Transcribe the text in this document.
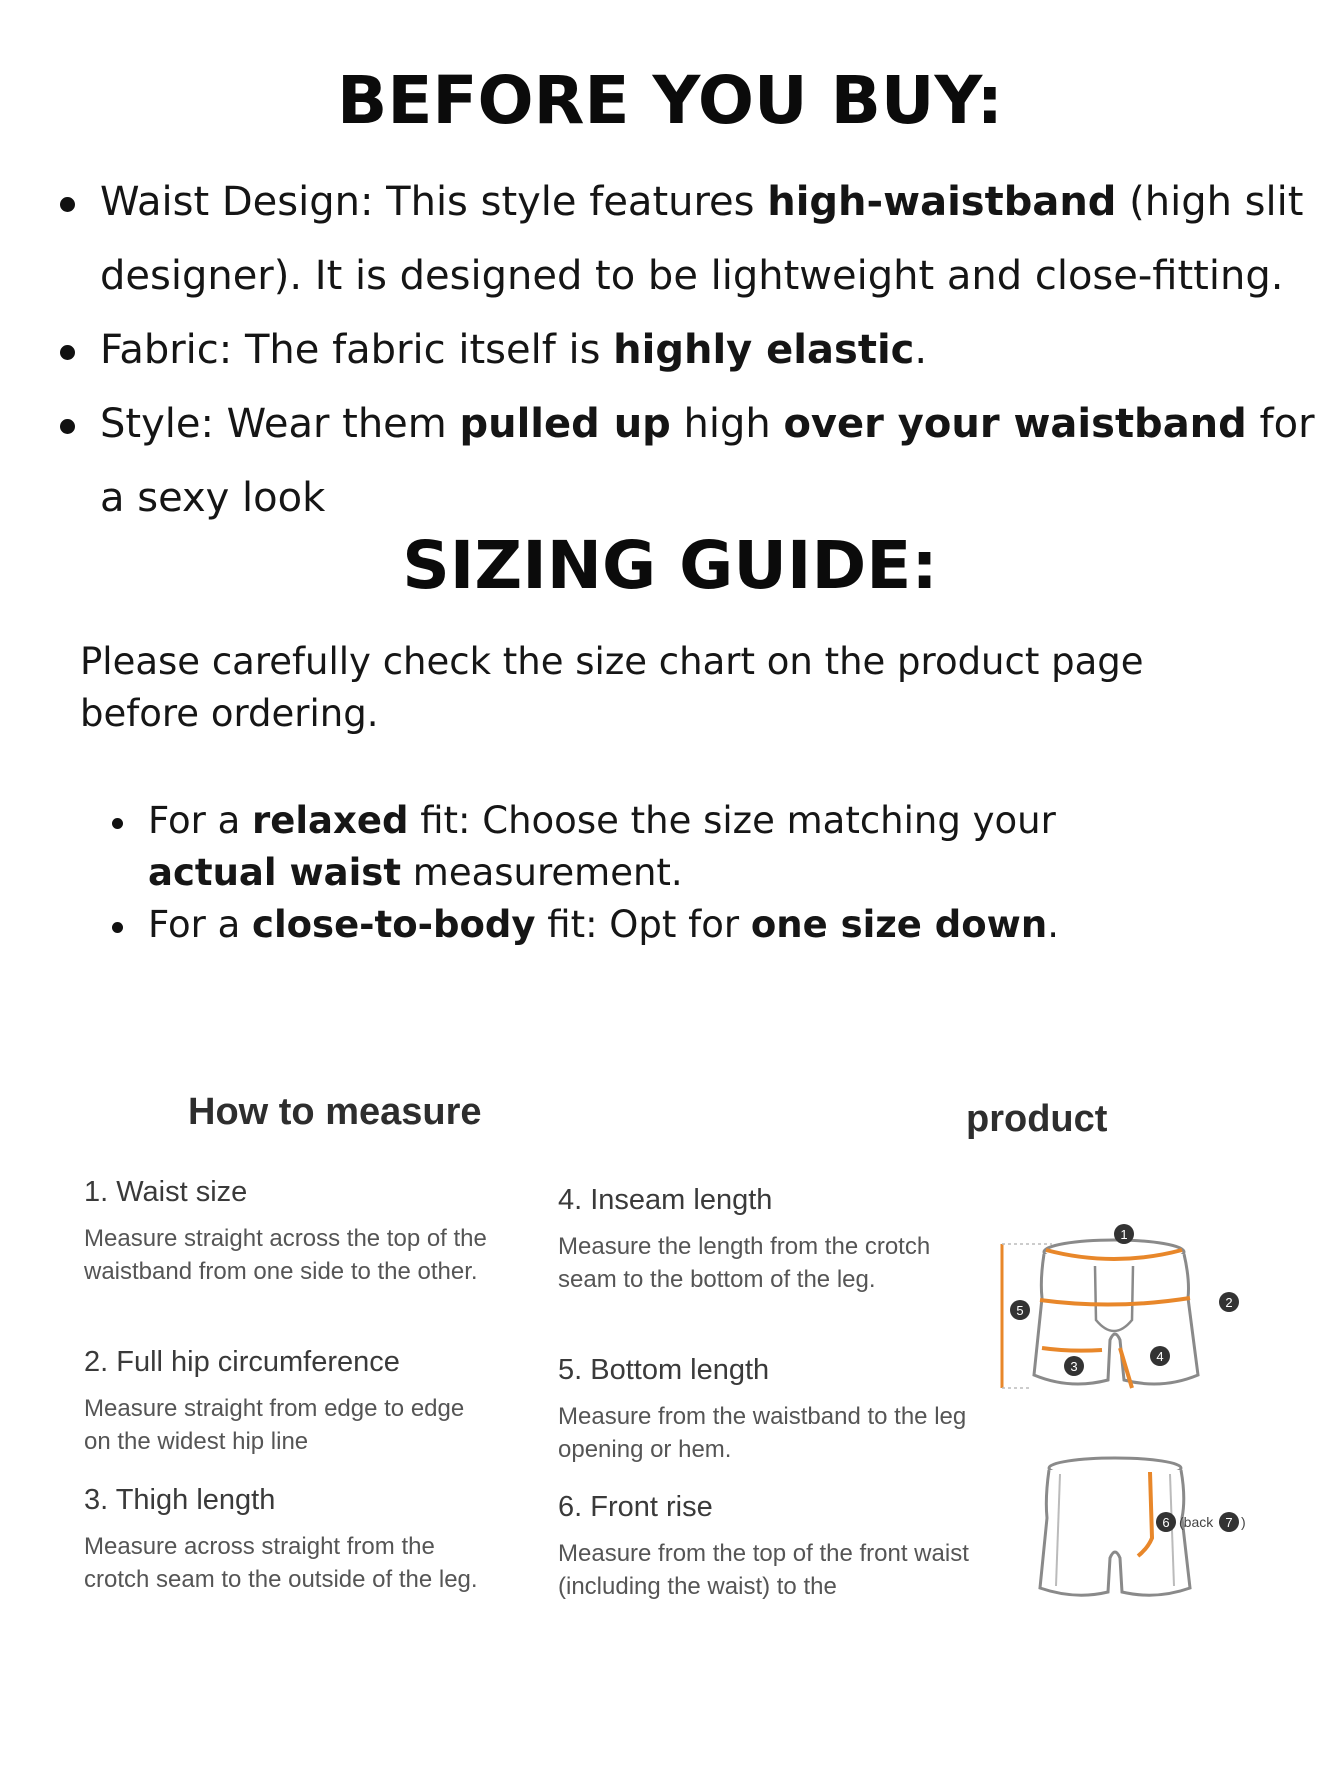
BEFORE YOU BUY:
Waist Design: This style features high-waistband (high slit designer). It is designed to be lightweight and close-fitting.
Fabric: The fabric itself is highly elastic.
Style: Wear them pulled up high over your waistband for a sexy look
SIZING GUIDE:
Please carefully check the size chart on the product page before ordering.
For a relaxed fit: Choose the size matching your actual waist measurement.
For a close-to-body fit: Opt for one size down.
How to measure	product
1. Waist size
Measure straight across the top of the waistband from one side to the other.
2. Full hip circumference
Measure straight from edge to edge on the widest hip line
3. Thigh length
Measure across straight from the crotch seam to the outside of the leg.
4. Inseam length
Measure the length from the crotch seam to the bottom of the leg.
5. Bottom length
Measure from the waistband to the leg opening or hem.
6. Front rise
Measure from the top of the front waist (including the waist) to the
1
2
5
3
4
6 (back 7 )
